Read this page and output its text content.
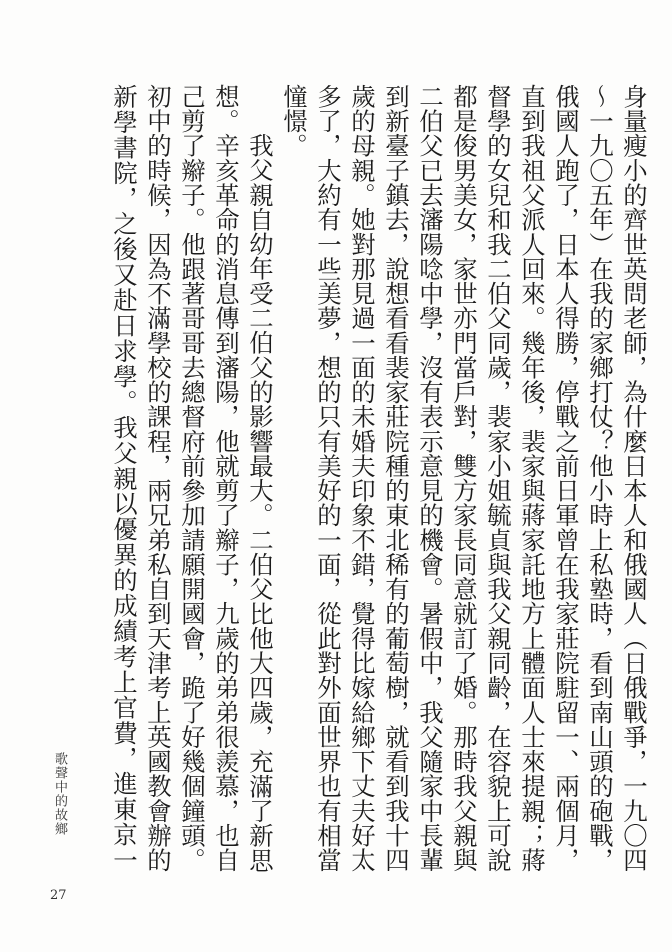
身量瘦小的齊世英問老師，為什麼日本人和俄國人（日俄戰爭，一九〇四～一九〇五年）在我的家鄉打仗？他小時上私塾時，看到南山頭的砲戰，俄國人跑了，日本人得勝，停戰之前日軍曾在我家莊院駐留一、兩個月，直到我祖父派人回來。幾年後，裴家與蔣家託地方上體面人士來提親；蔣督學的女兒和我二伯父同歲，裴家小姐毓貞與我父親同齡，在容貌上可說都是俊男美女，家世亦門當戶對，雙方家長同意就訂了婚。那時我父親與二伯父已去瀋陽唸中學，沒有表示意見的機會。暑假中，我父隨家中長輩到新臺子鎮去，說想看看裴家莊院種的東北稀有的葡萄樹，就看到我十四歲的母親。她對那見過一面的未婚夫印象不錯，覺得比嫁給鄉下丈夫好太多了，大約有一些美夢，想的只有美好的一面，從此對外面世界也有相當憧憬。

我父親自幼年受二伯父的影響最大。二伯父比他大四歲，充滿了新思想。辛亥革命的消息傳到瀋陽，他就剪了辮子，九歲的弟弟很羨慕，也自己剪了辮子。他跟著哥哥去總督府前參加請願開國會，跪了好幾個鐘頭。初中的時候，因為不滿學校的課程，兩兄弟私自到天津考上英國教會辦的新學書院，之後又赴日求學。我父親以優異的成績考上官費，進東京一

歌聲中的故鄉
27
